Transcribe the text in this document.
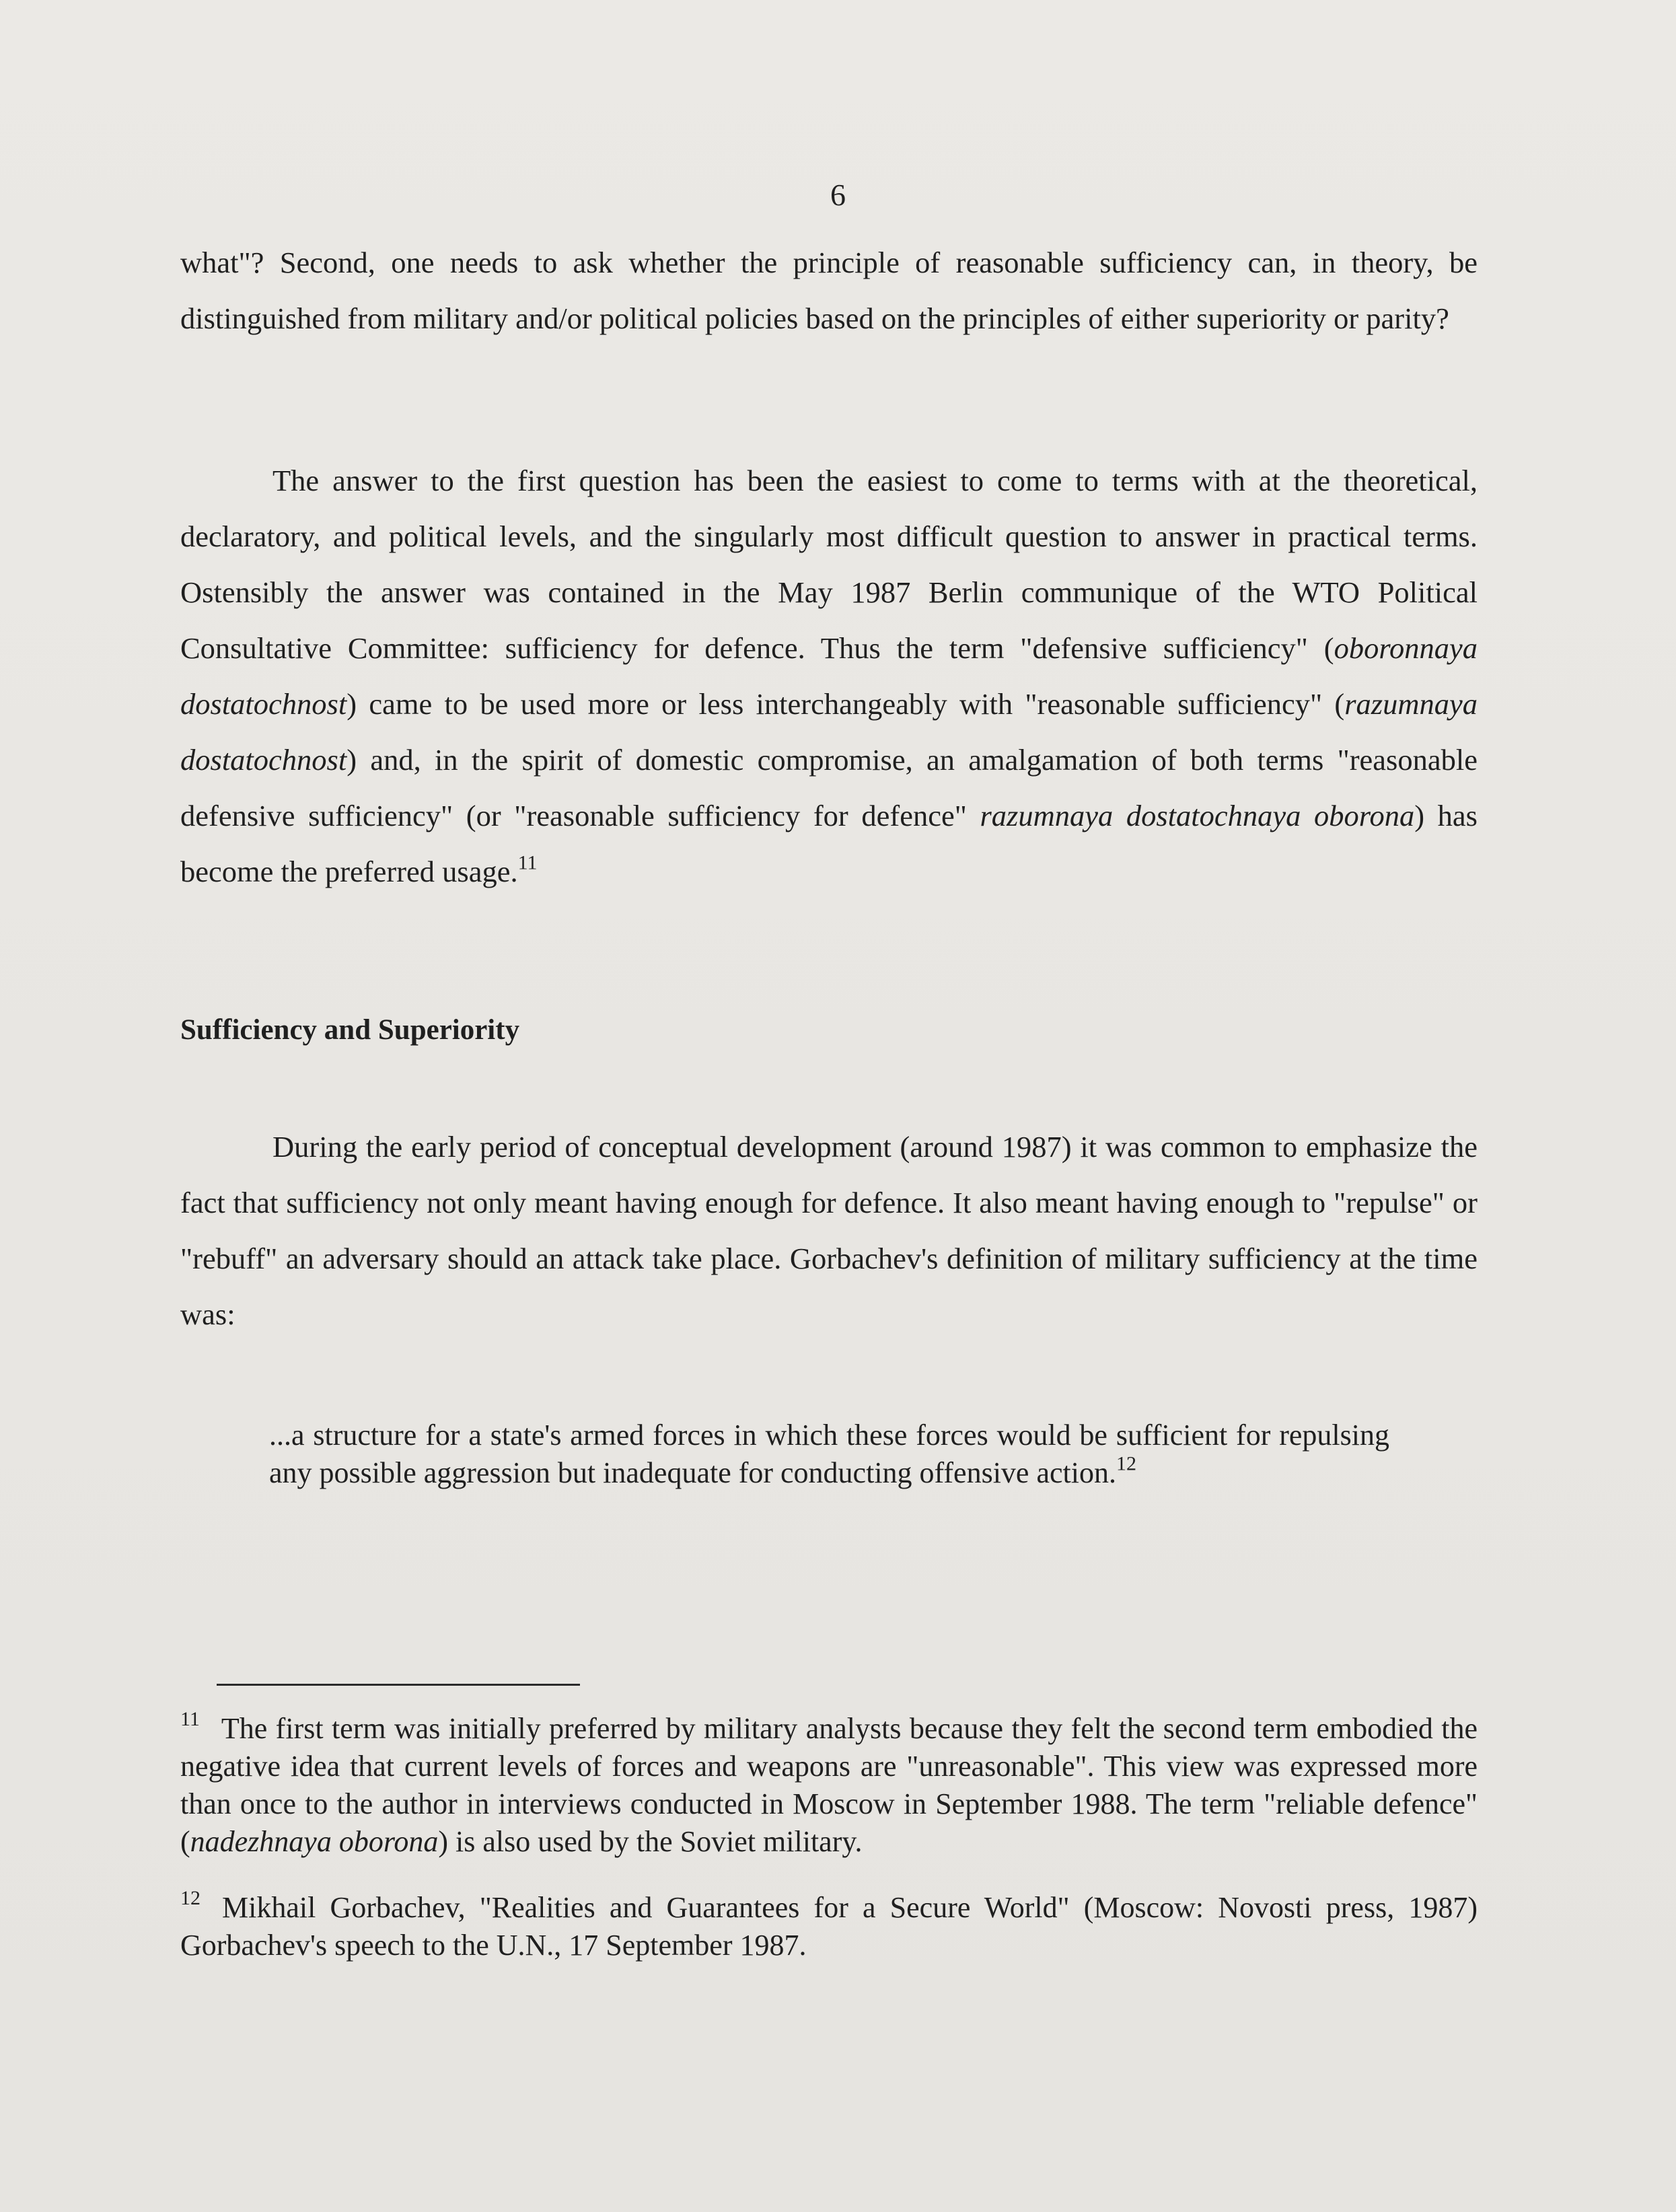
6

what"? Second, one needs to ask whether the principle of reasonable sufficiency can, in theory, be distinguished from military and/or political policies based on the principles of either superiority or parity?

The answer to the first question has been the easiest to come to terms with at the theoretical, declaratory, and political levels, and the singularly most difficult question to answer in practical terms. Ostensibly the answer was contained in the May 1987 Berlin communique of the WTO Political Consultative Committee: sufficiency for defence. Thus the term "defensive sufficiency" (oboronnaya dostatochnost) came to be used more or less interchangeably with "reasonable sufficiency" (razumnaya dostatochnost) and, in the spirit of domestic compromise, an amalgamation of both terms "reasonable defensive sufficiency" (or "reasonable sufficiency for defence" razumnaya dostatochnaya oborona) has become the preferred usage.$^{11}$

Sufficiency and Superiority

During the early period of conceptual development (around 1987) it was common to emphasize the fact that sufficiency not only meant having enough for defence. It also meant having enough to "repulse" or "rebuff" an adversary should an attack take place. Gorbachev's definition of military sufficiency at the time was:

...a structure for a state's armed forces in which these forces would be sufficient for repulsing any possible aggression but inadequate for conducting offensive action.$^{12}$

$^{11}$ The first term was initially preferred by military analysts because they felt the second term embodied the negative idea that current levels of forces and weapons are "unreasonable". This view was expressed more than once to the author in interviews conducted in Moscow in September 1988. The term "reliable defence" (nadezhnaya oborona) is also used by the Soviet military.

$^{12}$ Mikhail Gorbachev, "Realities and Guarantees for a Secure World" (Moscow: Novosti press, 1987) Gorbachev's speech to the U.N., 17 September 1987.
